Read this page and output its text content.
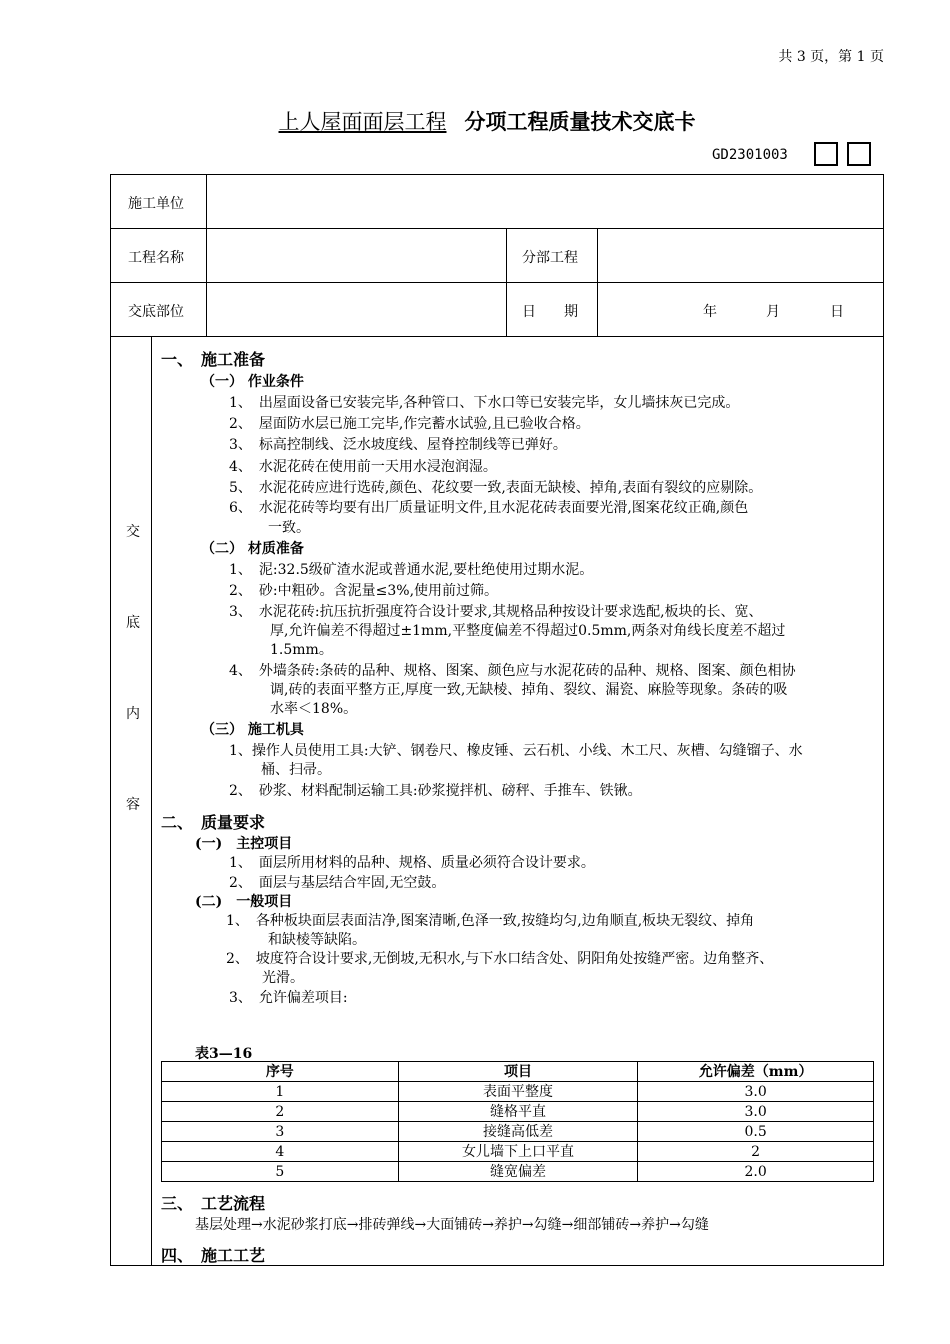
共 3 页，第 1 页
上人屋面面层工程 分项工程质量技术交底卡
GD2301003
施工单位
工程名称	分部工程
交底部位	日　　期	年	月	日
交
底
内
容
一、　施工准备
（一） 作业条件
1、　出屋面设备已安装完毕,各种管口、下水口等已安装完毕，女儿墙抹灰已完成。
2、　屋面防水层已施工完毕,作完蓄水试验,且已验收合格。
3、　标高控制线、泛水坡度线、屋脊控制线等已弹好。
4、　水泥花砖在使用前一天用水浸泡润湿。
5、　水泥花砖应进行选砖,颜色、花纹要一致,表面无缺棱、掉角,表面有裂纹的应剔除。
6、　水泥花砖等均要有出厂质量证明文件,且水泥花砖表面要光滑,图案花纹正确,颜色
一致。
（二） 材质准备
1、　泥:32.5级矿渣水泥或普通水泥,要杜绝使用过期水泥。
2、　砂:中粗砂。含泥量≤3%,使用前过筛。
3、　水泥花砖:抗压抗折强度符合设计要求,其规格品种按设计要求选配,板块的长、宽、
厚,允许偏差不得超过±1mm,平整度偏差不得超过0.5mm,两条对角线长度差不超过
1.5mm。
4、　外墙条砖:条砖的品种、规格、图案、颜色应与水泥花砖的品种、规格、图案、颜色相协
调,砖的表面平整方正,厚度一致,无缺棱、掉角、裂纹、漏瓷、麻脸等现象。条砖的吸
水率＜18%。
（三） 施工机具
1、操作人员使用工具:大铲、钢卷尺、橡皮锤、云石机、小线、木工尺、灰槽、勾缝镏子、水
桶、扫帚。
2、　砂浆、材料配制运输工具:砂浆搅拌机、磅秤、手推车、铁锹。
二、　质量要求
(一)　主控项目
1、　面层所用材料的品种、规格、质量必须符合设计要求。
2、　面层与基层结合牢固,无空鼓。
(二)　一般项目
1、　各种板块面层表面洁净,图案清晰,色泽一致,按缝均匀,边角顺直,板块无裂纹、掉角
和缺棱等缺陷。
2、　坡度符合设计要求,无倒坡,无积水,与下水口结含处、阴阳角处按缝严密。边角整齐、
光滑。
3、　允许偏差项目:
表3—16
序号	项目	允许偏差（mm）
1	表面平整度	3.0
2	缝格平直	3.0
3	接缝高低差	0.5
4	女儿墙下上口平直	2
5	缝宽偏差	2.0
三、　工艺流程
基层处理→水泥砂浆打底→排砖弹线→大面铺砖→养护→勾缝→细部铺砖→养护→勾缝
四、　施工工艺
